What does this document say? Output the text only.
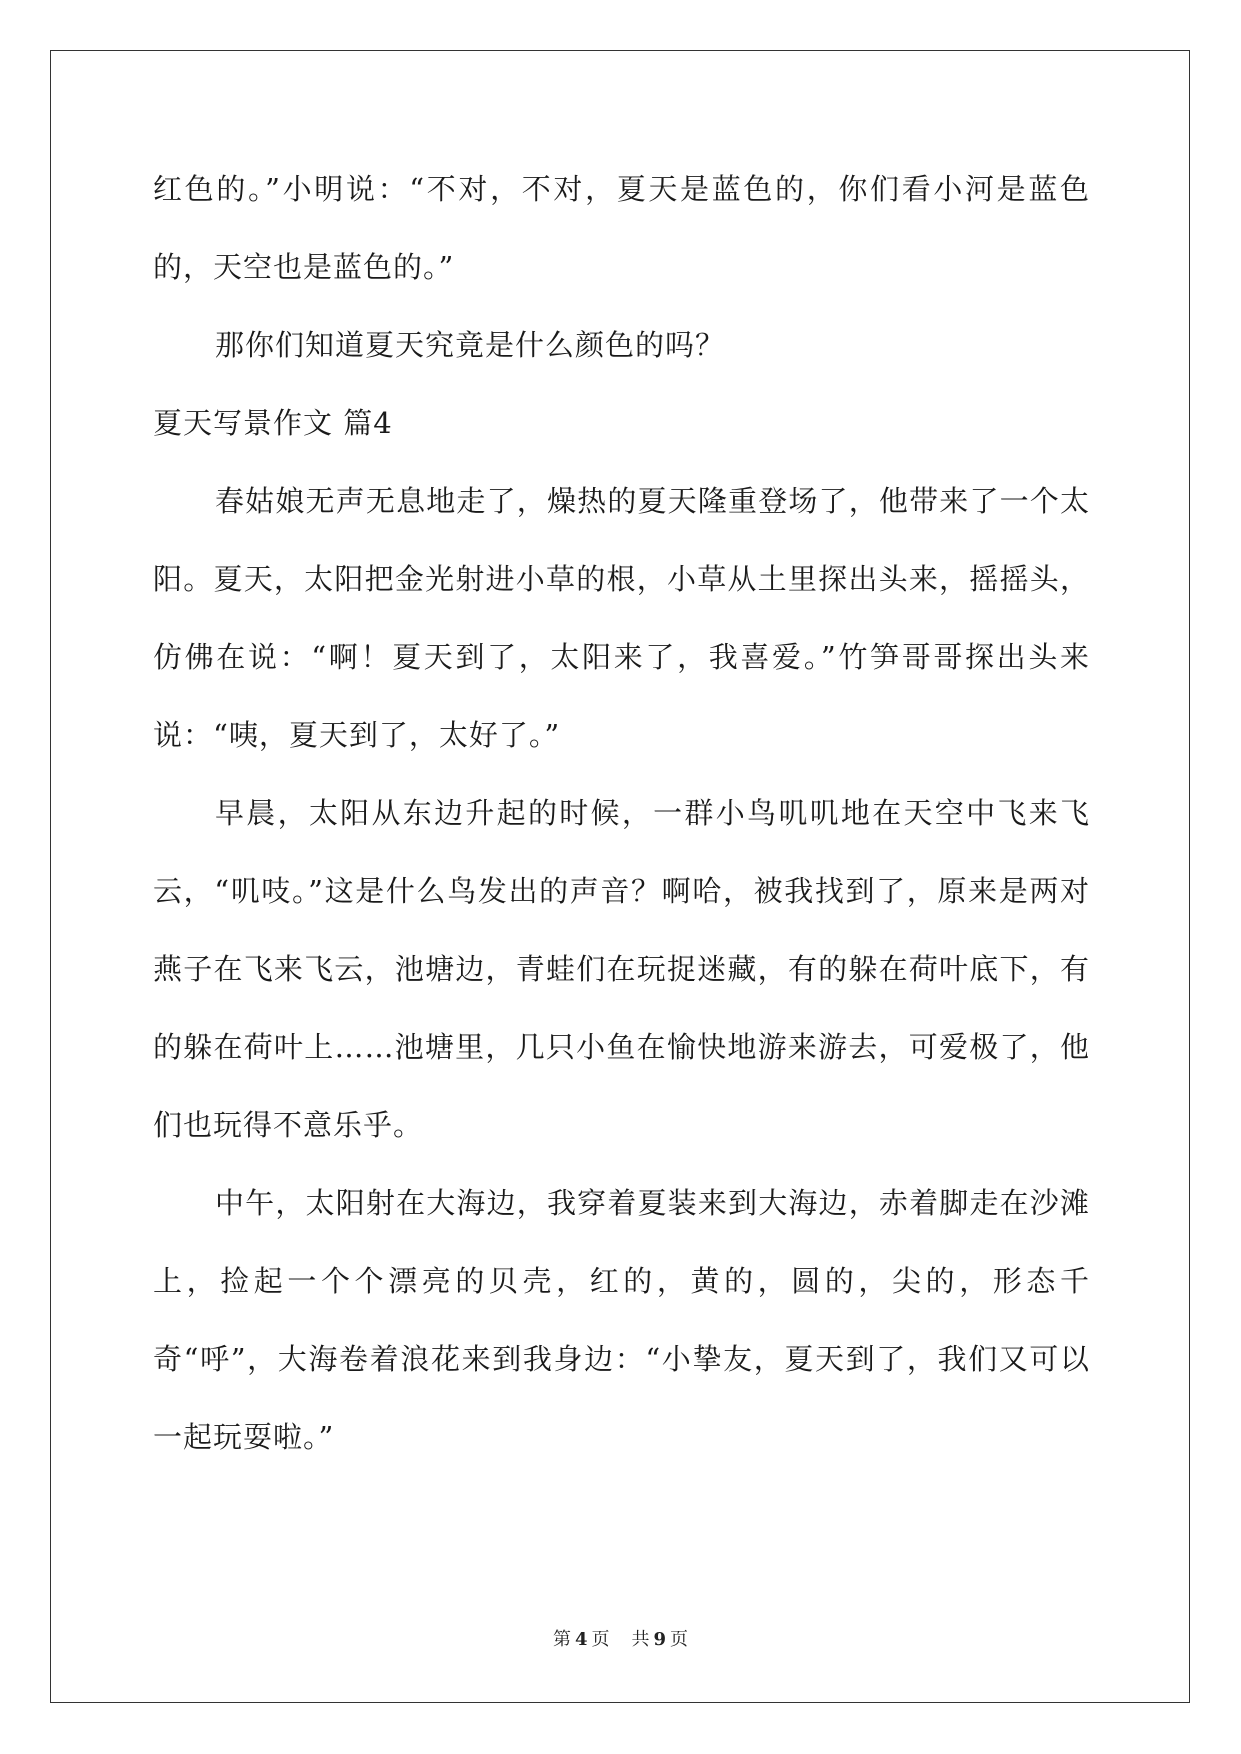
红色的。”小明说：“不对，不对，夏天是蓝色的，你们看小河是蓝色的，天空也是蓝色的。”

那你们知道夏天究竟是什么颜色的吗？

夏天写景作文 篇4

春姑娘无声无息地走了，燥热的夏天隆重登场了，他带来了一个太阳。夏天，太阳把金光射进小草的根，小草从土里探出头来，摇摇头，仿佛在说：“啊！夏天到了，太阳来了，我喜爱。”竹笋哥哥探出头来说：“咦，夏天到了，太好了。”

早晨，太阳从东边升起的时候，一群小鸟叽叽地在天空中飞来飞云，“叽吱。”这是什么鸟发出的声音？啊哈，被我找到了，原来是两对燕子在飞来飞云，池塘边，青蛙们在玩捉迷藏，有的躲在荷叶底下，有的躲在荷叶上……池塘里，几只小鱼在愉快地游来游去，可爱极了，他们也玩得不意乐乎。

中午，太阳射在大海边，我穿着夏装来到大海边，赤着脚走在沙滩上，捡起一个个漂亮的贝壳，红的，黄的，圆的，尖的，形态千奇“呼”，大海卷着浪花来到我身边：“小挚友，夏天到了，我们又可以一起玩耍啦。”

第 4 页 共 9 页
